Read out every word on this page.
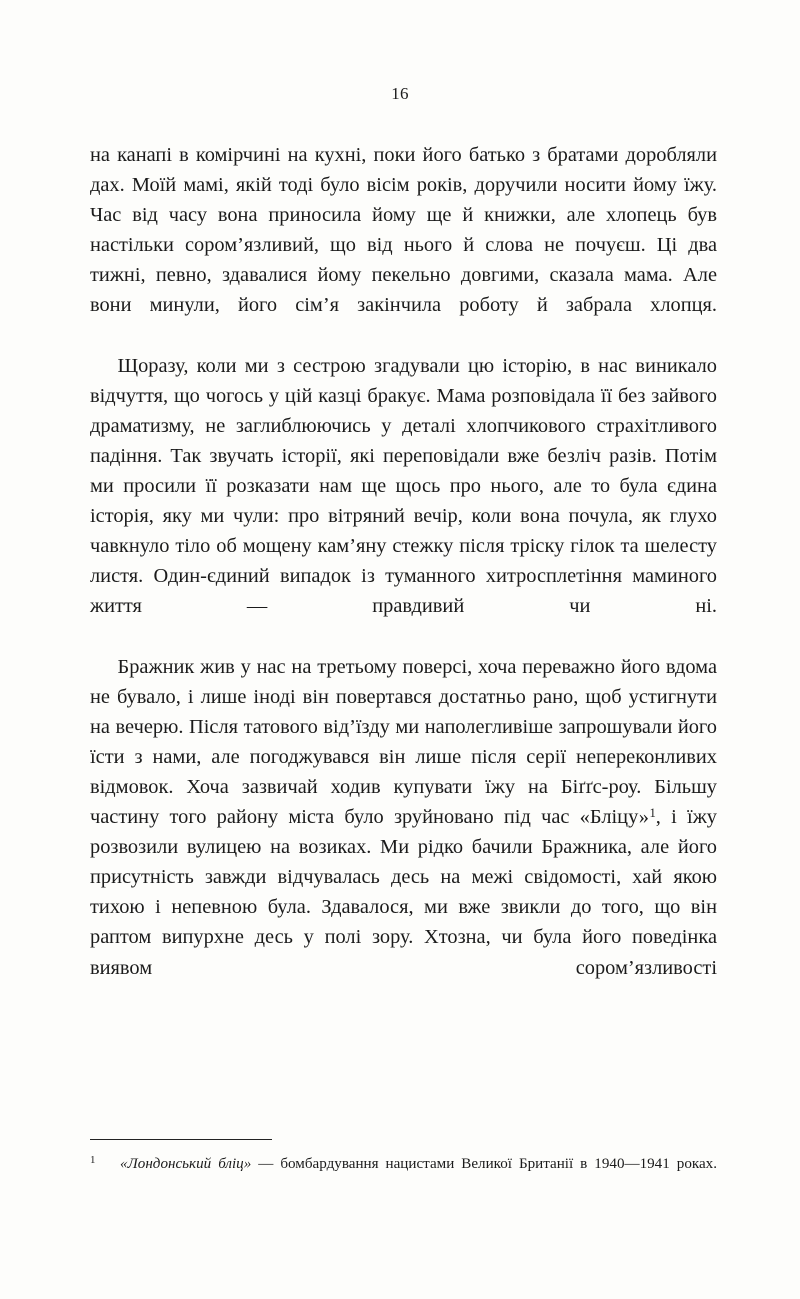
16

на канапі в комірчині на кухні, поки його батько з братами доробляли дах. Моїй мамі, якій тоді було вісім років, доручили носити йому їжу. Час від часу вона приносила йому ще й книжки, але хлопець був настільки сором’язливий, що від нього й слова не почуєш. Ці два тижні, певно, здавалися йому пекельно довгими, сказала мама. Але вони минули, його сім’я закінчила роботу й забрала хлопця.

Щоразу, коли ми з сестрою згадували цю історію, в нас виникало відчуття, що чогось у цій казці бракує. Мама розповідала її без зайвого драматизму, не заглиблюючись у деталі хлопчикового страхітливого падіння. Так звучать історії, які переповідали вже безліч разів. Потім ми просили її розказати нам ще щось про нього, але то була єдина історія, яку ми чули: про вітряний вечір, коли вона почула, як глухо чавкнуло тіло об мощену кам’яну стежку після тріску гілок та шелесту листя. Один-єдиний випадок із туманного хитросплетіння маминого життя — правдивий чи ні.

Бражник жив у нас на третьому поверсі, хоча переважно його вдома не бувало, і лише іноді він повертався достатньо рано, щоб устигнути на вечерю. Після татового від’їзду ми наполегливіше запрошували його їсти з нами, але погоджувався він лише після серії непереконливих відмовок. Хоча зазвичай ходив купувати їжу на Біґґс-роу. Більшу частину того району міста було зруйновано під час «Бліцу»$^1$, і їжу розвозили вулицею на возиках. Ми рідко бачили Бражника, але його присутність завжди відчувалась десь на межі свідомості, хай якою тихою і непевною була. Здавалося, ми вже звикли до того, що він раптом випурхне десь у полі зору. Хтозна, чи була його поведінка виявом сором’язливості

1	«Лондонський бліц» — бомбардування нацистами Великої Британії в 1940—1941 роках.
